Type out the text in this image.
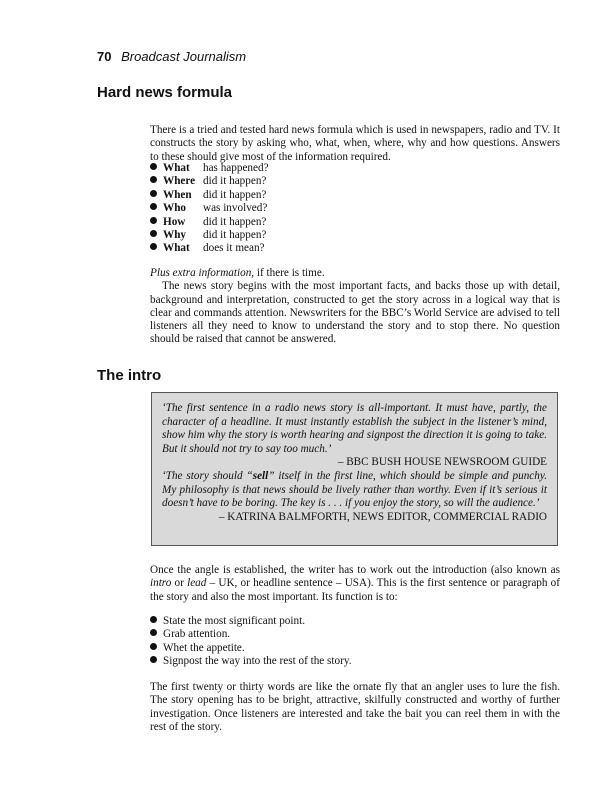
70 Broadcast Journalism
Hard news formula

There is a tried and tested hard news formula which is used in newspapers, radio and TV. It constructs the story by asking who, what, when, where, why and how questions. Answers to these should give most of the information required.

What has happened?
Where did it happen?
When did it happen?
Who was involved?
How did it happen?
Why did it happen?
What does it mean?

Plus extra information, if there is time.

The news story begins with the most important facts, and backs those up with detail, background and interpretation, constructed to get the story across in a logical way that is clear and commands attention. Newswriters for the BBC’s World Service are advised to tell listeners all they need to know to understand the story and to stop there. No question should be raised that cannot be answered.

The intro

‘The first sentence in a radio news story is all-important. It must have, partly, the character of a headline. It must instantly establish the subject in the listener’s mind, show him why the story is worth hearing and signpost the direction it is going to take. But it should not try to say too much.’

– BBC BUSH HOUSE NEWSROOM GUIDE

‘The story should “sell” itself in the first line, which should be simple and punchy. My philosophy is that news should be lively rather than worthy. Even if it’s serious it doesn’t have to be boring. The key is . . . if you enjoy the story, so will the audience.’

– KATRINA BALMFORTH, NEWS EDITOR, COMMERCIAL RADIO

Once the angle is established, the writer has to work out the introduction (also known as intro or lead – UK, or headline sentence – USA). This is the first sentence or paragraph of the story and also the most important. Its function is to:

State the most significant point.
Grab attention.
Whet the appetite.
Signpost the way into the rest of the story.

The first twenty or thirty words are like the ornate fly that an angler uses to lure the fish. The story opening has to be bright, attractive, skilfully constructed and worthy of further investigation. Once listeners are interested and take the bait you can reel them in with the rest of the story.
